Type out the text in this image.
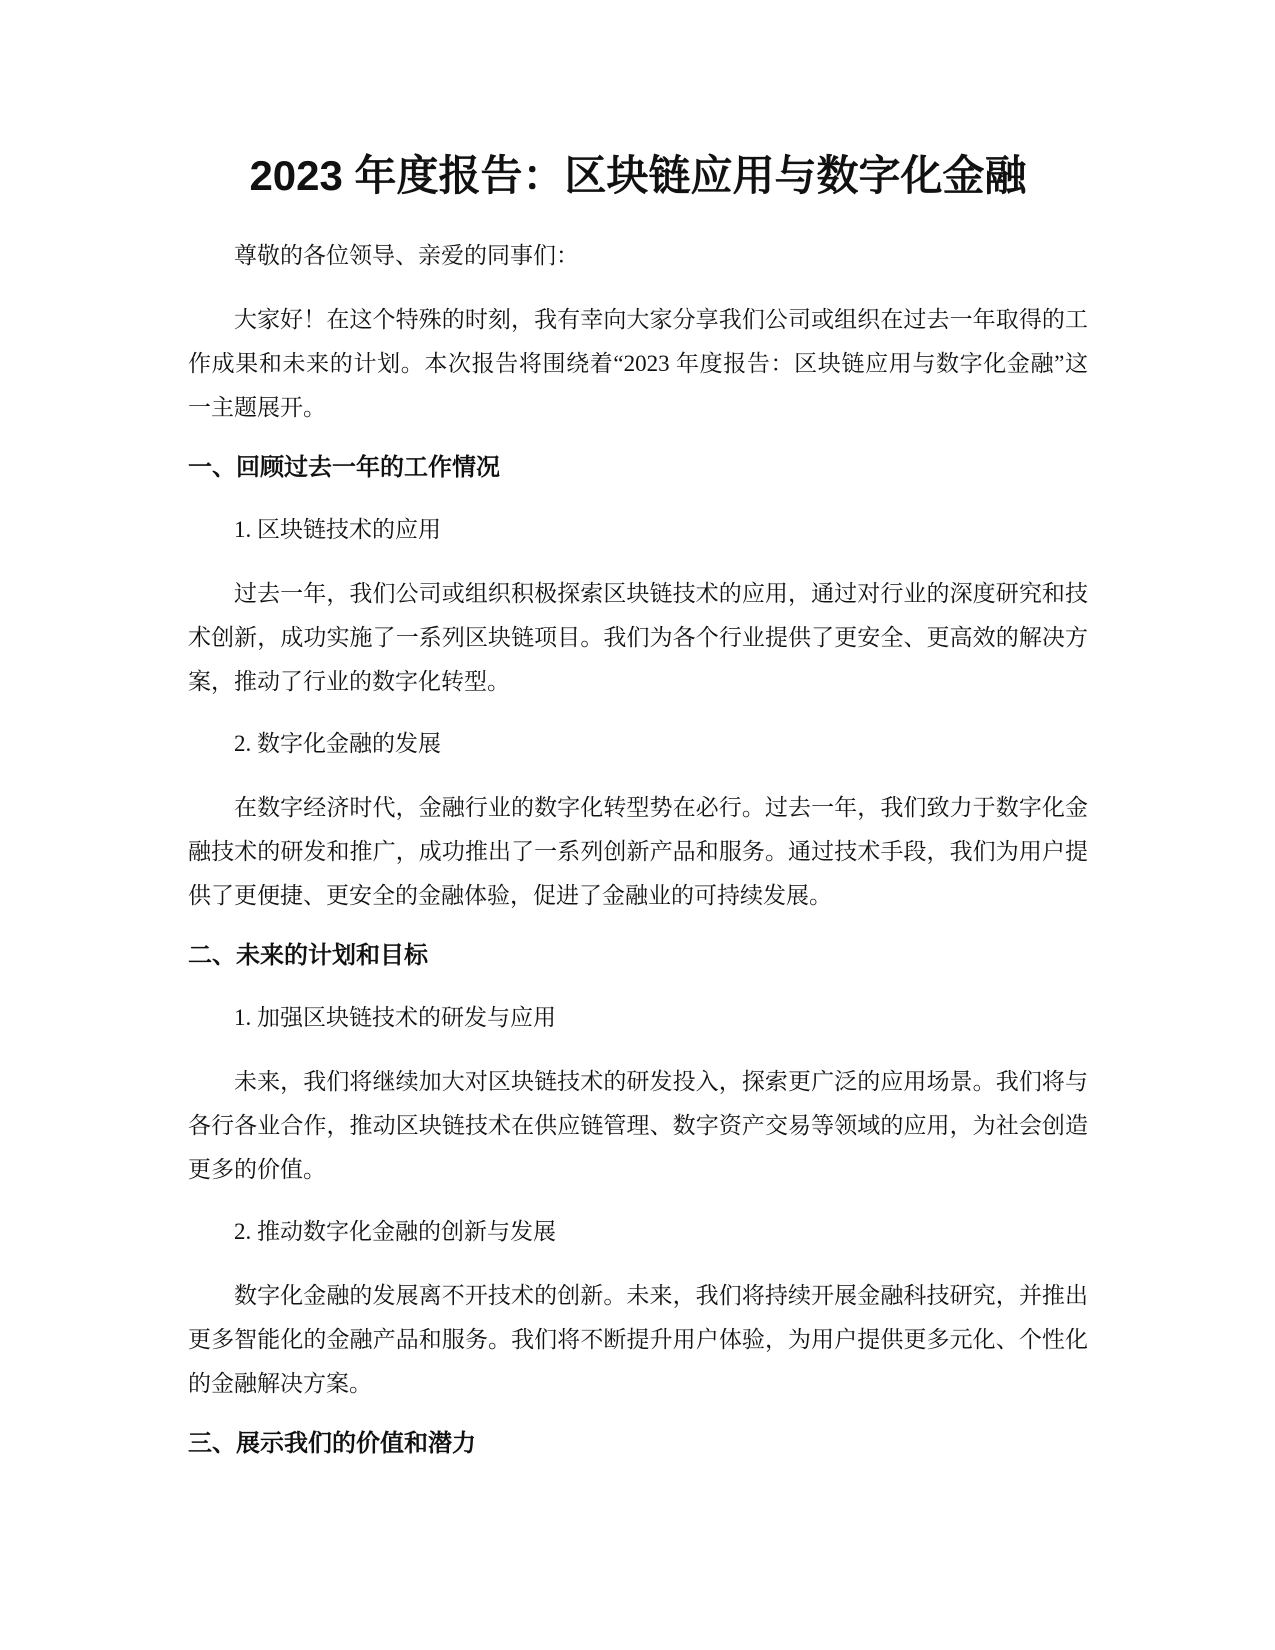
2023 年度报告：区块链应用与数字化金融

尊敬的各位领导、亲爱的同事们：

大家好！在这个特殊的时刻，我有幸向大家分享我们公司或组织在过去一年取得的工作成果和未来的计划。本次报告将围绕着“2023 年度报告：区块链应用与数字化金融”这一主题展开。

一、回顾过去一年的工作情况

1. 区块链技术的应用

过去一年，我们公司或组织积极探索区块链技术的应用，通过对行业的深度研究和技术创新，成功实施了一系列区块链项目。我们为各个行业提供了更安全、更高效的解决方案，推动了行业的数字化转型。

2. 数字化金融的发展

在数字经济时代，金融行业的数字化转型势在必行。过去一年，我们致力于数字化金融技术的研发和推广，成功推出了一系列创新产品和服务。通过技术手段，我们为用户提供了更便捷、更安全的金融体验，促进了金融业的可持续发展。

二、未来的计划和目标

1. 加强区块链技术的研发与应用

未来，我们将继续加大对区块链技术的研发投入，探索更广泛的应用场景。我们将与各行各业合作，推动区块链技术在供应链管理、数字资产交易等领域的应用，为社会创造更多的价值。

2. 推动数字化金融的创新与发展

数字化金融的发展离不开技术的创新。未来，我们将持续开展金融科技研究，并推出更多智能化的金融产品和服务。我们将不断提升用户体验，为用户提供更多元化、个性化的金融解决方案。

三、展示我们的价值和潜力
